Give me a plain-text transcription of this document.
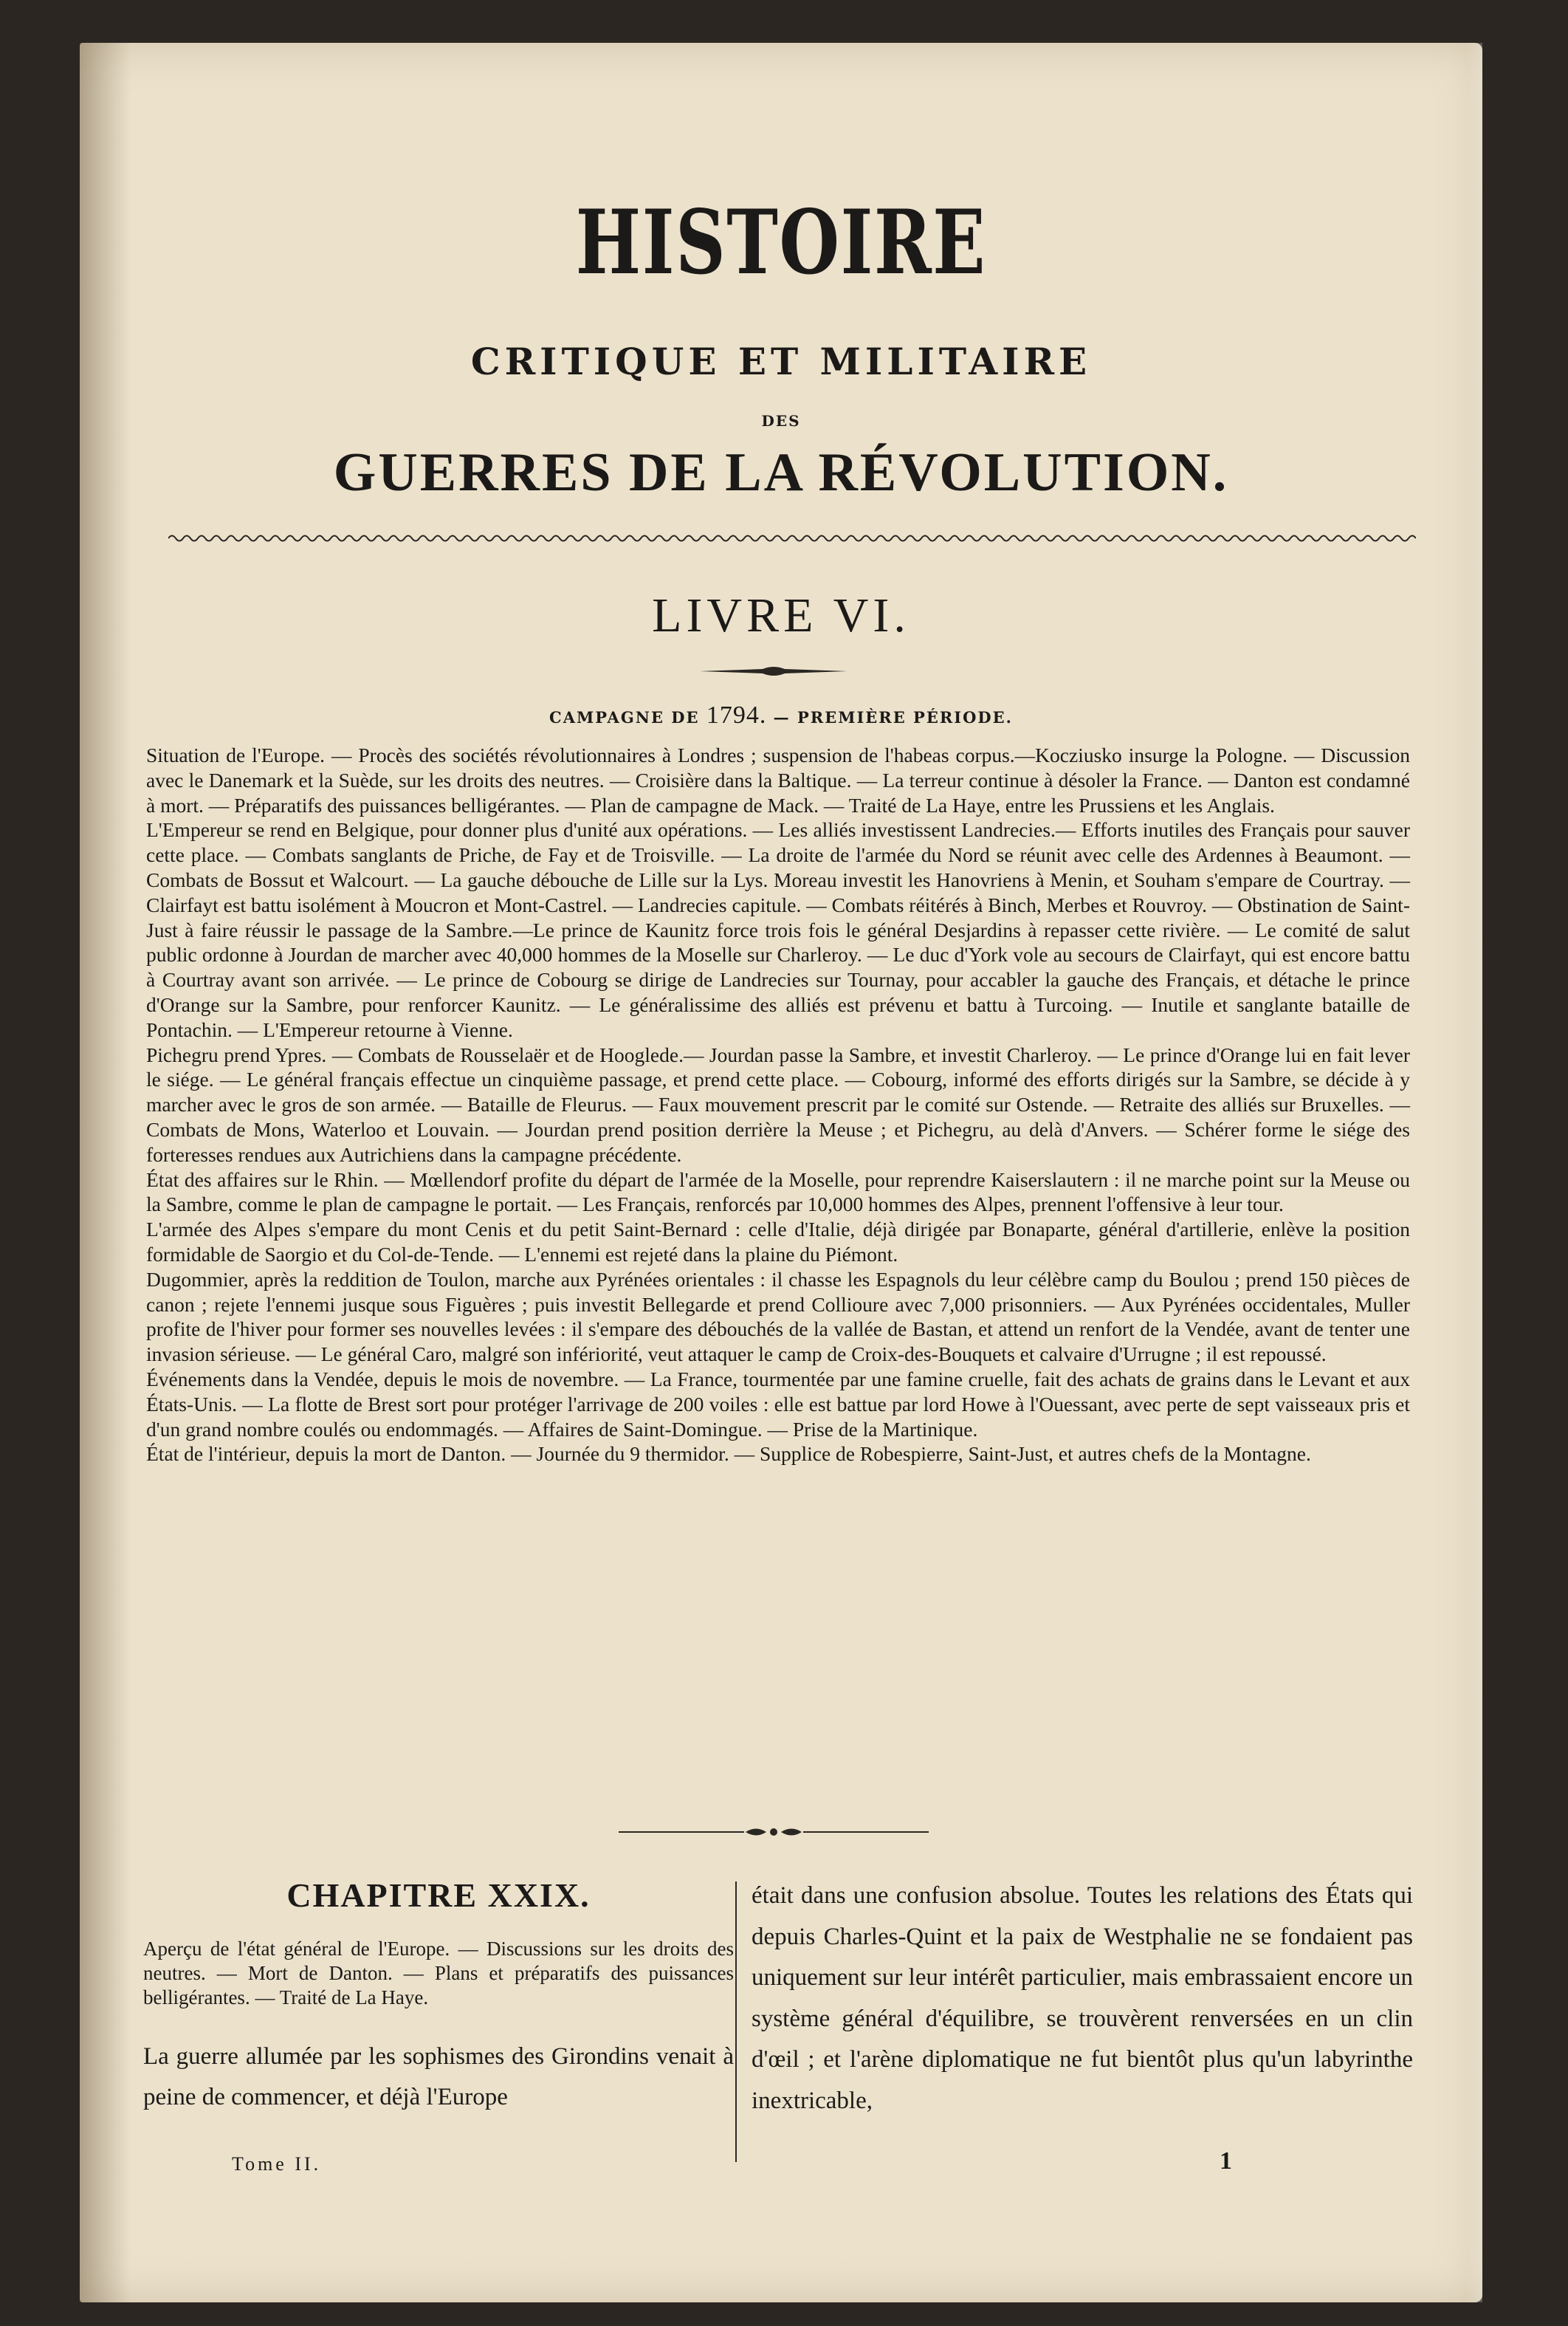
HISTOIRE
CRITIQUE ET MILITAIRE
DES
GUERRES DE LA RÉVOLUTION.
LIVRE VI.
CAMPAGNE DE 1794. — PREMIÈRE PÉRIODE.

Situation de l'Europe. — Procès des sociétés révolutionnaires à Londres ; suspension de l'habeas corpus.—Kocziusko insurge la Pologne. — Discussion avec le Danemark et la Suède, sur les droits des neutres. — Croisière dans la Baltique. — La terreur continue à désoler la France. — Danton est condamné à mort. — Préparatifs des puissances belligérantes. — Plan de campagne de Mack. — Traité de La Haye, entre les Prussiens et les Anglais.

L'Empereur se rend en Belgique, pour donner plus d'unité aux opérations. — Les alliés investissent Landrecies.— Efforts inutiles des Français pour sauver cette place. — Combats sanglants de Priche, de Fay et de Troisville. — La droite de l'armée du Nord se réunit avec celle des Ardennes à Beaumont. — Combats de Bossut et Walcourt. — La gauche débouche de Lille sur la Lys. Moreau investit les Hanovriens à Menin, et Souham s'empare de Courtray. — Clairfayt est battu isolément à Moucron et Mont-Castrel. — Landrecies capitule. — Combats réitérés à Binch, Merbes et Rouvroy. — Obstination de Saint-Just à faire réussir le passage de la Sambre.—Le prince de Kaunitz force trois fois le général Desjardins à repasser cette rivière. — Le comité de salut public ordonne à Jourdan de marcher avec 40,000 hommes de la Moselle sur Charleroy. — Le duc d'York vole au secours de Clairfayt, qui est encore battu à Courtray avant son arrivée. — Le prince de Cobourg se dirige de Landrecies sur Tournay, pour accabler la gauche des Français, et détache le prince d'Orange sur la Sambre, pour renforcer Kaunitz. — Le généralissime des alliés est prévenu et battu à Turcoing. — Inutile et sanglante bataille de Pontachin. — L'Empereur retourne à Vienne.

Pichegru prend Ypres. — Combats de Rousselaër et de Hooglede.— Jourdan passe la Sambre, et investit Charleroy. — Le prince d'Orange lui en fait lever le siége. — Le général français effectue un cinquième passage, et prend cette place. — Cobourg, informé des efforts dirigés sur la Sambre, se décide à y marcher avec le gros de son armée. — Bataille de Fleurus. — Faux mouvement prescrit par le comité sur Ostende. — Retraite des alliés sur Bruxelles. — Combats de Mons, Waterloo et Louvain. — Jourdan prend position derrière la Meuse ; et Pichegru, au delà d'Anvers. — Schérer forme le siége des forteresses rendues aux Autrichiens dans la campagne précédente.

État des affaires sur le Rhin. — Mœllendorf profite du départ de l'armée de la Moselle, pour reprendre Kaiserslautern : il ne marche point sur la Meuse ou la Sambre, comme le plan de campagne le portait. — Les Français, renforcés par 10,000 hommes des Alpes, prennent l'offensive à leur tour.

L'armée des Alpes s'empare du mont Cenis et du petit Saint-Bernard : celle d'Italie, déjà dirigée par Bonaparte, général d'artillerie, enlève la position formidable de Saorgio et du Col-de-Tende. — L'ennemi est rejeté dans la plaine du Piémont.

Dugommier, après la reddition de Toulon, marche aux Pyrénées orientales : il chasse les Espagnols du leur célèbre camp du Boulou ; prend 150 pièces de canon ; rejete l'ennemi jusque sous Figuères ; puis investit Bellegarde et prend Collioure avec 7,000 prisonniers. — Aux Pyrénées occidentales, Muller profite de l'hiver pour former ses nouvelles levées : il s'empare des débouchés de la vallée de Bastan, et attend un renfort de la Vendée, avant de tenter une invasion sérieuse. — Le général Caro, malgré son infériorité, veut attaquer le camp de Croix-des-Bouquets et calvaire d'Urrugne ; il est repoussé.

Événements dans la Vendée, depuis le mois de novembre. — La France, tourmentée par une famine cruelle, fait des achats de grains dans le Levant et aux États-Unis. — La flotte de Brest sort pour protéger l'arrivage de 200 voiles : elle est battue par lord Howe à l'Ouessant, avec perte de sept vaisseaux pris et d'un grand nombre coulés ou endommagés. — Affaires de Saint-Domingue. — Prise de la Martinique.

État de l'intérieur, depuis la mort de Danton. — Journée du 9 thermidor. — Supplice de Robespierre, Saint-Just, et autres chefs de la Montagne.

CHAPITRE XXIX.

Aperçu de l'état général de l'Europe. — Discussions sur les droits des neutres. — Mort de Danton. — Plans et préparatifs des puissances belligérantes. — Traité de La Haye.

La guerre allumée par les sophismes des Girondins venait à peine de commencer, et déjà l'Europe

était dans une confusion absolue. Toutes les relations des États qui depuis Charles-Quint et la paix de Westphalie ne se fondaient pas uniquement sur leur intérêt particulier, mais embrassaient encore un système général d'équilibre, se trouvèrent renversées en un clin d'œil ; et l'arène diplomatique ne fut bientôt plus qu'un labyrinthe inextricable,

Tome II.	1
